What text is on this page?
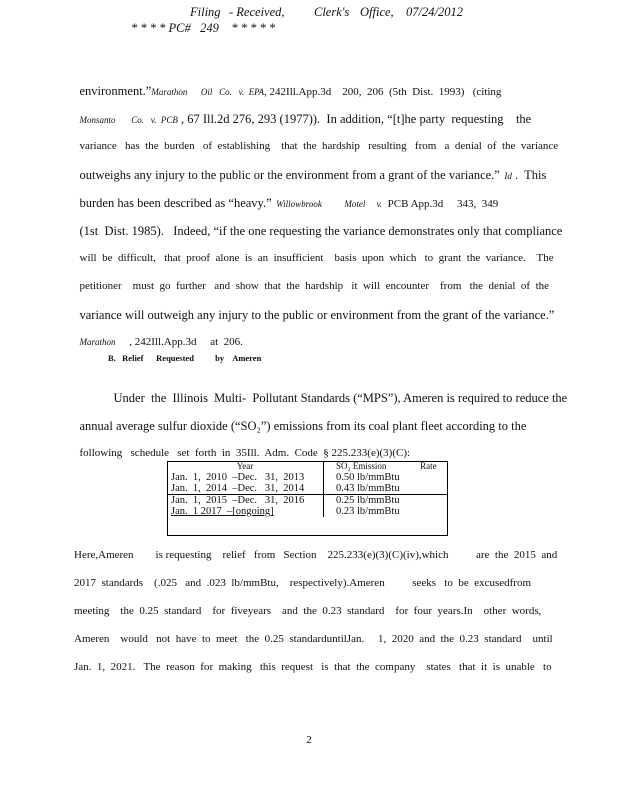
Filing - Received, Clerk's Office, 07/24/2012
* * * * PC#   249    * * * * *

environment.”Marathon      Oil   Co.   v.  EPA, 242Ill.App.3d    200,  206  (5th  Dist.  1993)   (citing

Monsanto       Co.   v.  PCB , 67 Ill.2d 276, 293 (1977)).  In addition, “[t]he party  requesting    the

variance   has  the  burden   of  establishing    that  the  hardship   resulting   from   a  denial  of  the  variance

outweighs any injury to the public or the environment from a grant of the variance.”  Id .  This

burden has been described as “heavy.”  Willowbrook          Motel     v.  PCB App.3d     343,  349

(1st  Dist. 1985).   Indeed, “if the one requesting the variance demonstrates only that compliance

will  be  difficult,   that  proof  alone  is  an  insufficient    basis  upon  which   to  grant  the  variance.    The

petitioner    must  go  further   and  show  that  the  hardship   it  will  encounter    from   the  denial  of  the

variance will outweigh any injury to the public or environment from the grant of the variance.”

Marathon     , 242Ill.App.3d     at  206.

B.   Relief      Requested          by    Ameren

Under  the  Illinois  Multi-  Pollutant Standards (“MPS”), Ameren is required to reduce the

annual average sulfur dioxide (“SO₂”) emissions from its coal plant fleet according to the

following   schedule   set  forth  in  35Ill.  Adm.  Code  § 225.233(e)(3)(C):

Year	SO₂ Emission               Rate
Jan.  1,  2010  –Dec.   31,  2013	0.50 lb/mmBtu
Jan.  1,  2014  –Dec.   31,  2014	0.43 lb/mmBtu
Jan.  1,  2015  –Dec.   31,  2016	0.25 lb/mmBtu
Jan.  1 2017  –[ongoing]	0.23 lb/mmBtu
Here,Ameren        is requesting    relief   from   Section    225.233(e)(3)(C)(iv),which          are  the  2015  and
2017  standards    (.025   and  .023  lb/mmBtu,    respectively).Ameren          seeks   to  be  excusedfrom
meeting    the  0.25  standard    for  fiveyears    and  the  0.23  standard    for  four  years.In    other  words,
Ameren    would   not  have  to  meet   the  0.25  standarduntilJan.     1,  2020  and  the  0.23  standard    until
Jan.  1,  2021.   The  reason  for  making   this  request   is  that  the  company    states   that  it  is  unable   to
2
